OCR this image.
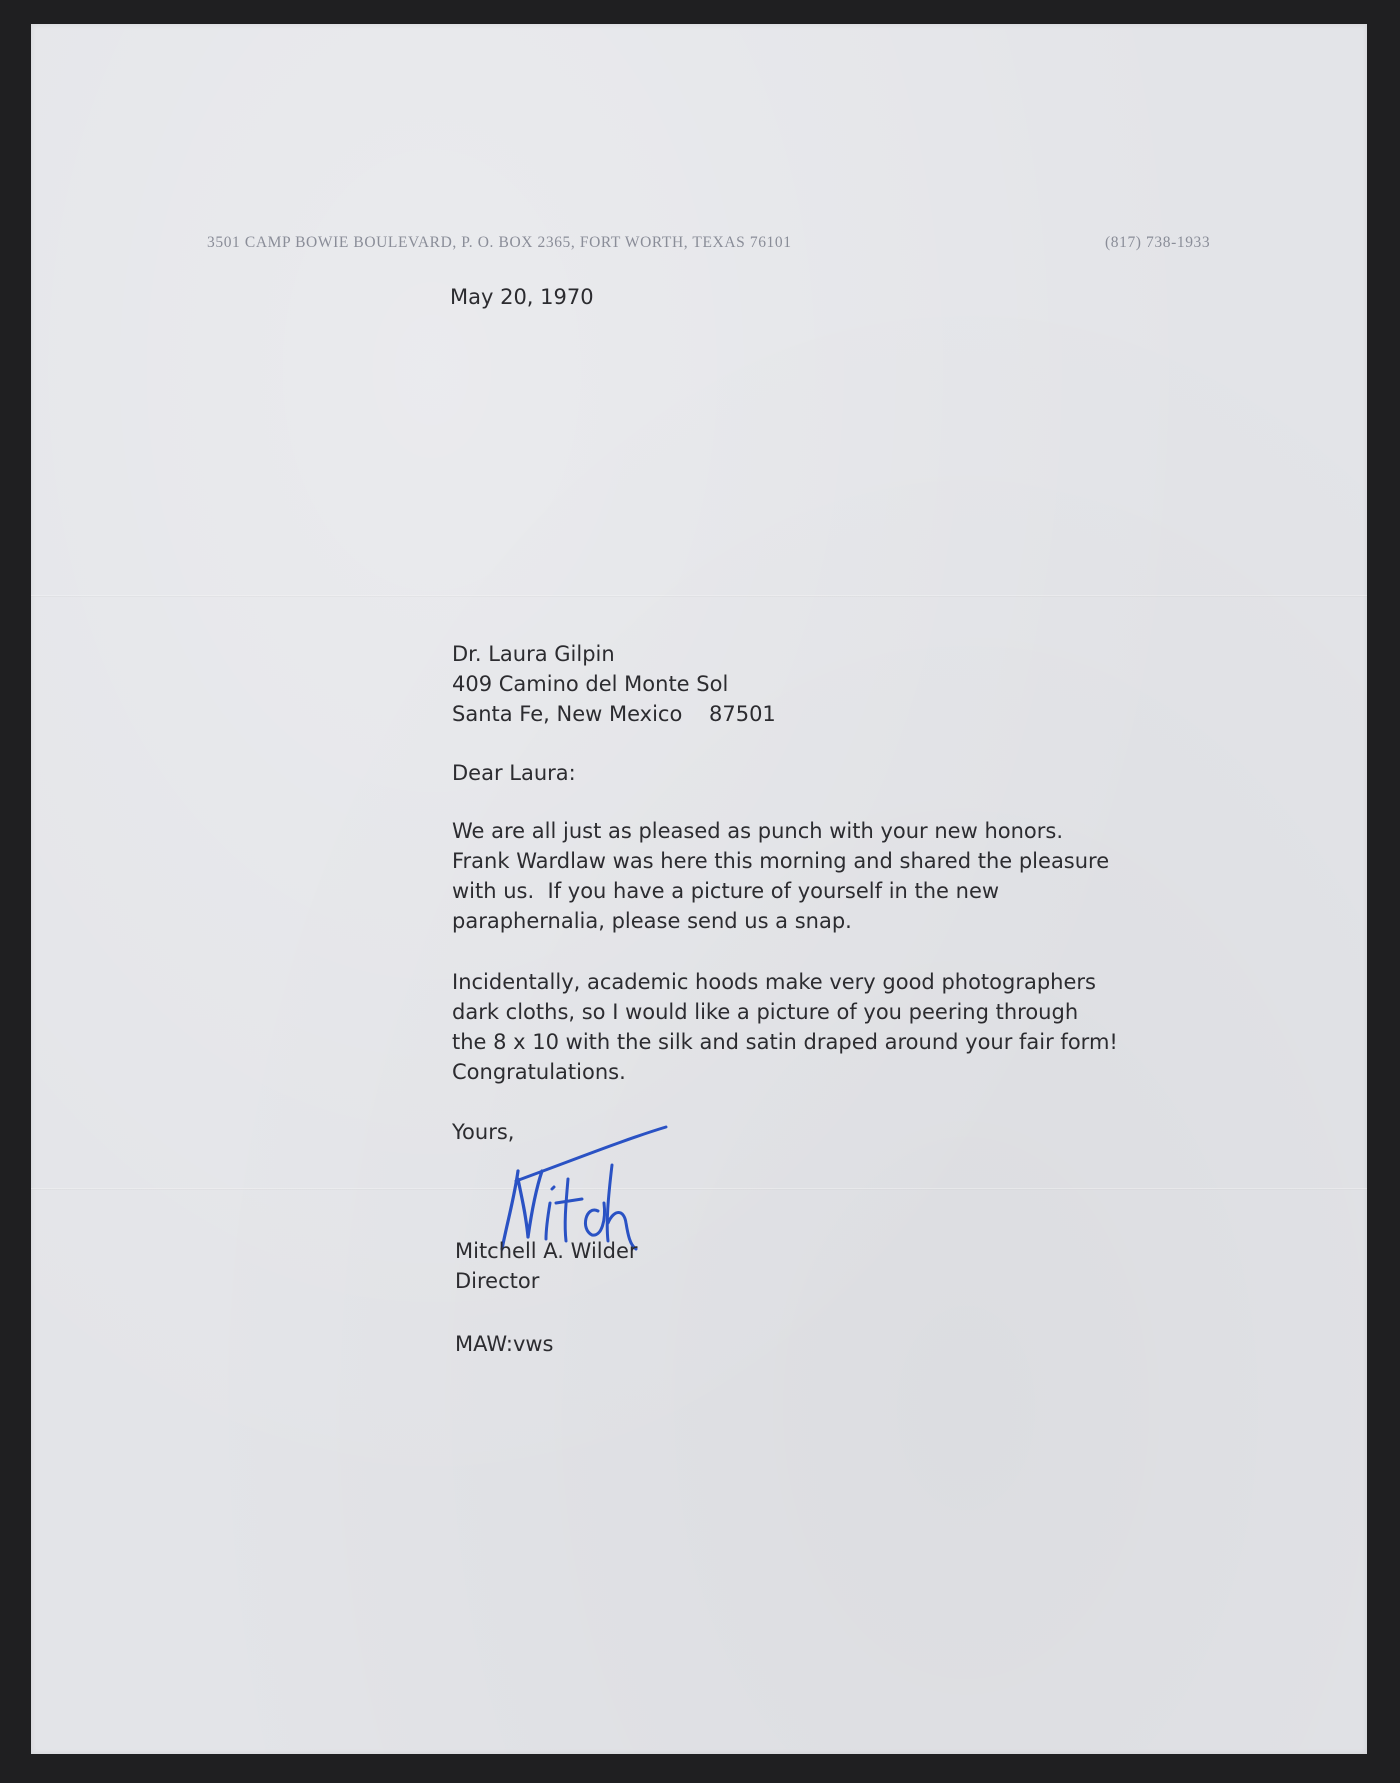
3501 CAMP BOWIE BOULEVARD, P. O. BOX 2365, FORT WORTH, TEXAS 76101	(817) 738-1933
May 20, 1970
Dr. Laura Gilpin
409 Camino del Monte Sol
Santa Fe, New Mexico    87501
Dear Laura:
We are all just as pleased as punch with your new honors.
Frank Wardlaw was here this morning and shared the pleasure
with us.  If you have a picture of yourself in the new
paraphernalia, please send us a snap.
Incidentally, academic hoods make very good photographers
dark cloths, so I would like a picture of you peering through
the 8 x 10 with the silk and satin draped around your fair form!
Congratulations.
Yours,
Mitchell A. Wilder
Director
MAW:vws
